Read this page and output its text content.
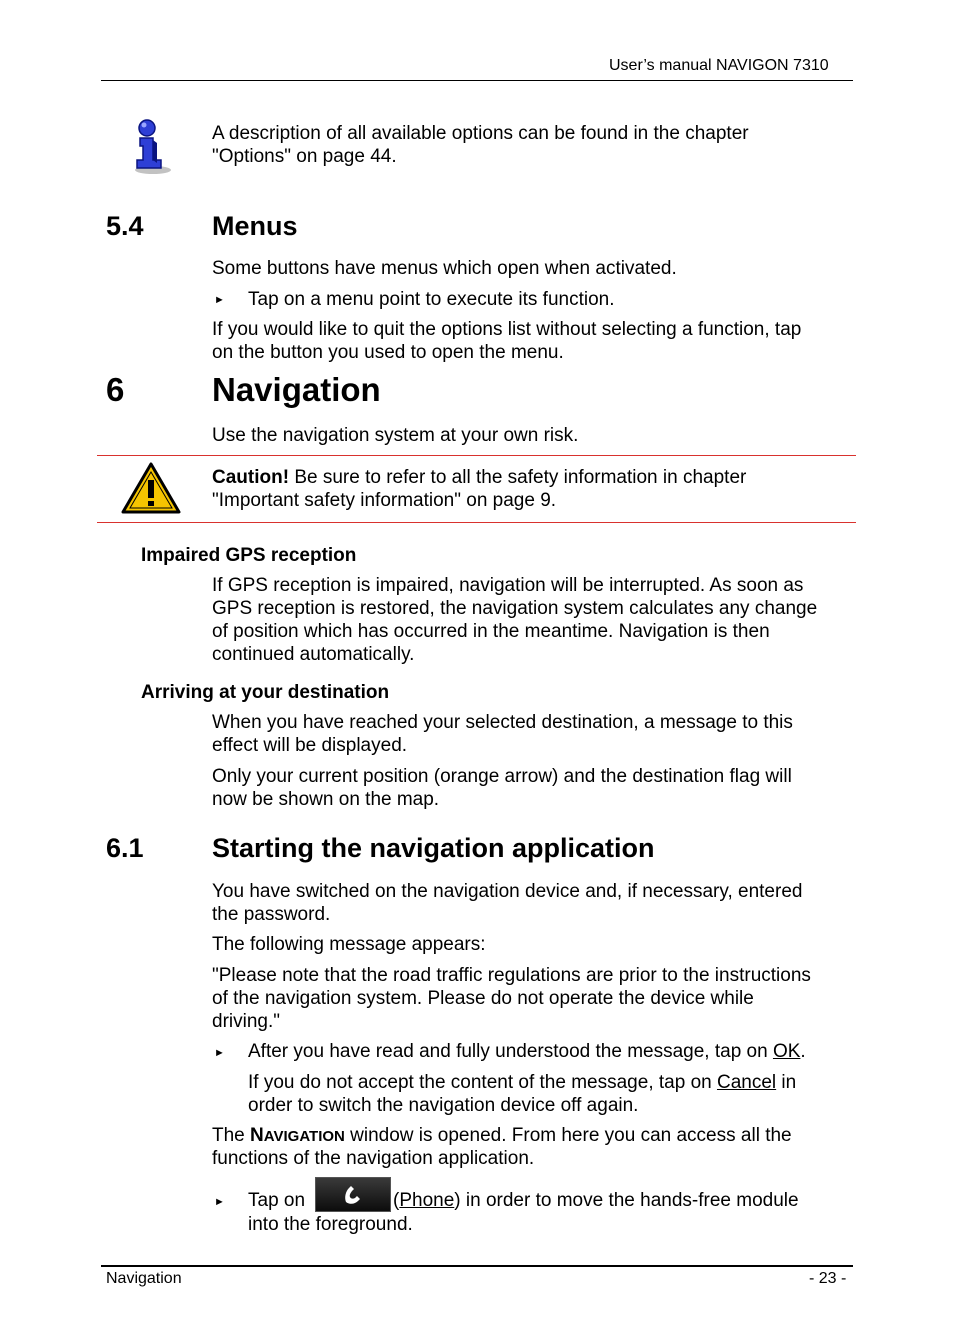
User’s manual NAVIGON 7310
A description of all available options can be found in the chapter
"Options" on page 44.
5.4	Menus
Some buttons have menus which open when activated.
► Tap on a menu point to execute its function.
If you would like to quit the options list without selecting a function, tap
on the button you used to open the menu.
6	Navigation
Use the navigation system at your own risk.
Caution! Be sure to refer to all the safety information in chapter
"Important safety information" on page 9.
Impaired GPS reception
If GPS reception is impaired, navigation will be interrupted. As soon as
GPS reception is restored, the navigation system calculates any change
of position which has occurred in the meantime. Navigation is then
continued automatically.
Arriving at your destination
When you have reached your selected destination, a message to this
effect will be displayed.
Only your current position (orange arrow) and the destination flag will
now be shown on the map.
6.1	Starting the navigation application
You have switched on the navigation device and, if necessary, entered
the password.
The following message appears:
"Please note that the road traffic regulations are prior to the instructions
of the navigation system. Please do not operate the device while
driving."
► After you have read and fully understood the message, tap on OK.
If you do not accept the content of the message, tap on Cancel in
order to switch the navigation device off again.
The NAVIGATION window is opened. From here you can access all the
functions of the navigation application.
► Tap on	(Phone) in order to move the hands-free module
into the foreground.
Navigation	- 23 -
